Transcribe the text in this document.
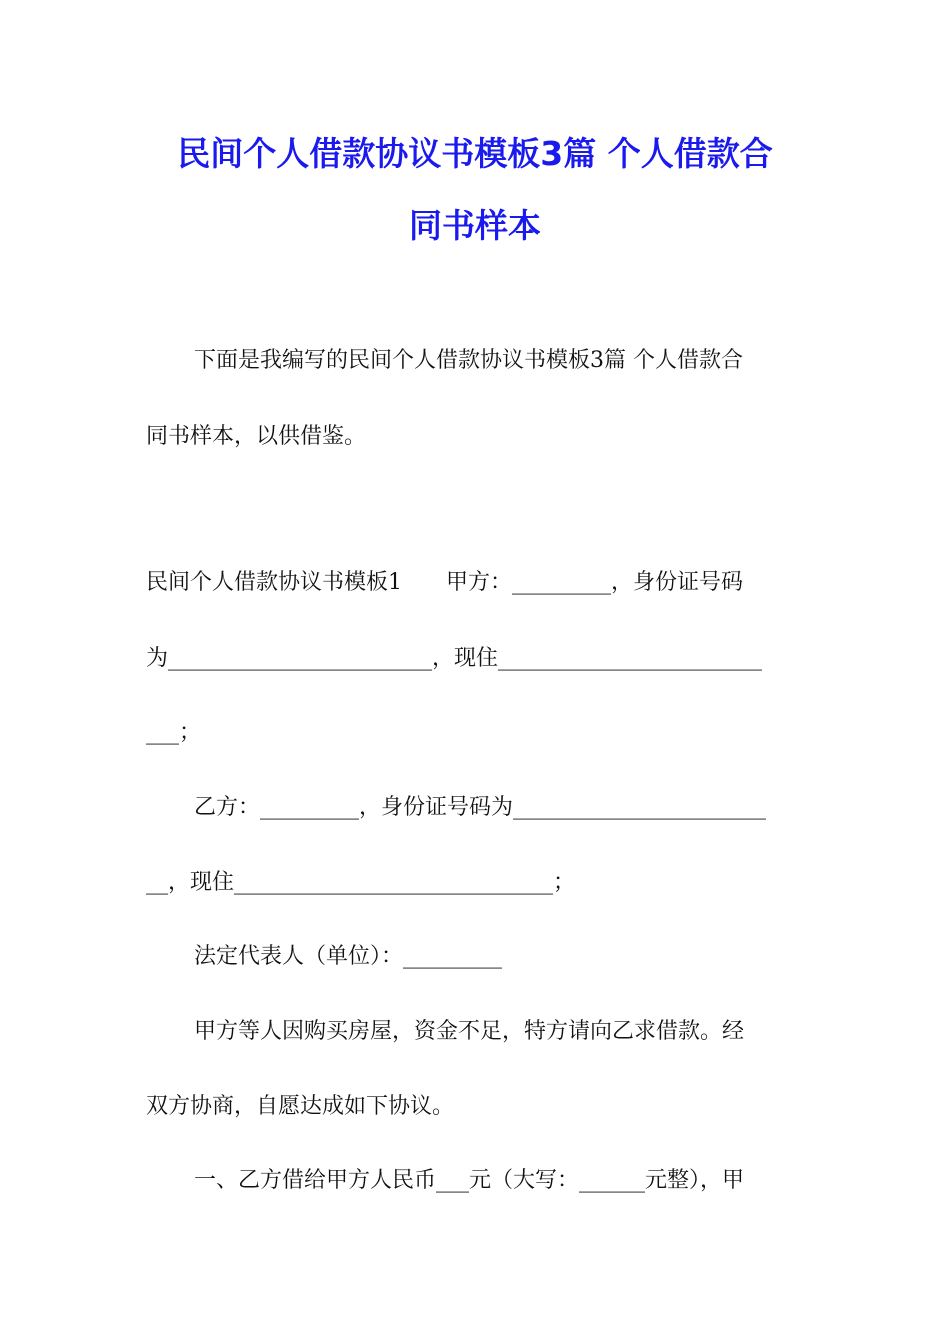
民间个人借款协议书模板3篇 个人借款合
同书样本
下面是我编写的民间个人借款协议书模板3篇 个人借款合
同书样本，以供借鉴。
民间个人借款协议书模板1　　甲方：_________，身份证号码
为________________________，现住________________________
___；
乙方：_________，身份证号码为_______________________
__，现住_____________________________；
法定代表人（单位）：_________
甲方等人因购买房屋，资金不足，特方请向乙求借款。经
双方协商，自愿达成如下协议。
一、乙方借给甲方人民币___元（大写：______元整），甲
